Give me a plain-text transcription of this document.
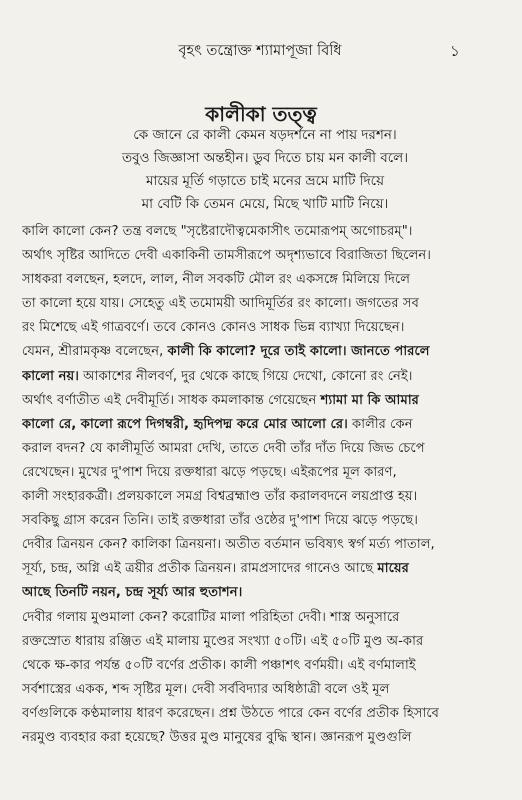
বৃহৎ তন্ত্রোক্ত শ্যামাপূজা বিধি	১
কালীকা তত্ত্ব
কে জানে রে কালী কেমন ষড়দর্শনে না পায় দরশন।
তবুও জিজ্ঞাসা অন্তহীন। ডুব দিতে চায় মন কালী বলে।
মায়ের মূর্তি গড়াতে চাই মনের ভ্রমে মাটি দিয়ে
মা বেটি কি তেমন মেয়ে, মিছে খাটি মাটি নিয়ে।
কালি কালো কেন? তন্ত্র বলছে "সৃষ্টেরাদৌত্বমেকাসীৎ তমোরূপম্ অগোচরম্"।
অর্থাৎ সৃষ্টির আদিতে দেবী একাকিনী তামসীরূপে অদৃশ্যভাবে বিরাজিতা ছিলেন।
সাধকরা বলছেন, হলদে, লাল, নীল সবকটি মৌল রং একসঙ্গে মিলিয়ে দিলে
তা কালো হয়ে যায়। সেহেতু এই তমোময়ী আদিমূর্তির রং কালো। জগতের সব
রং মিশেছে এই গাত্রবর্ণে। তবে কোনও কোনও সাধক ভিন্ন ব্যাখ্যা দিয়েছেন।
যেমন, শ্রীরামকৃষ্ণ বলেছেন, কালী কি কালো? দূরে তাই কালো। জানতে পারলে
কালো নয়। আকাশের নীলবর্ণ, দুর থেকে কাছে গিয়ে দেখো, কোনো রং নেই।
অর্থাৎ বর্ণাতীত এই দেবীমূর্তি। সাধক কমলাকান্ত গেয়েছেন শ্যামা মা কি আমার
কালো রে, কালো রূপে দিগম্বরী, হৃদিপদ্ম করে মোর আলো রে। কালীর কেন
করাল বদন? যে কালীমূর্তি আমরা দেখি, তাতে দেবী তাঁর দাঁত দিয়ে জিভ চেপে
রেখেছেন। মুখের দু'পাশ দিয়ে রক্তধারা ঝড়ে পড়ছে। এইরূপের মূল কারণ,
কালী সংহারকর্ত্রী। প্রলয়কালে সমগ্র বিশ্বব্রহ্মাণ্ড তাঁর করালবদনে লয়প্রাপ্ত হয়।
সবকিছু গ্রাস করেন তিনি। তাই রক্তধারা তাঁর ওষ্ঠের দু'পাশ দিয়ে ঝড়ে পড়ছে।
দেবীর ত্রিনয়ন কেন? কালিকা ত্রিনয়না। অতীত বর্তমান ভবিষ্যৎ স্বর্গ মর্ত্য পাতাল,
সূর্য্য, চন্দ্র, অগ্নি এই ত্রয়ীর প্রতীক ত্রিনয়ন। রামপ্রসাদের গানেও আছে মায়ের
আছে তিনটি নয়ন, চন্দ্র সূর্য্য আর হুতাশন।
দেবীর গলায় মুণ্ডমালা কেন? করোটির মালা পরিহিতা দেবী। শাস্ত্র অনুসারে
রক্তস্রোত ধারায় রঞ্জিত এই মালায় মুণ্ডের সংখ্যা ৫০টি। এই ৫০টি মুণ্ড অ-কার
থেকে ক্ষ-কার পর্যন্ত ৫০টি বর্ণের প্রতীক। কালী পঞ্চাশৎ বর্ণময়ী। এই বর্ণমালাই
সর্বশাস্ত্রের একক, শব্দ সৃষ্টির মূল। দেবী সর্ববিদ্যার অধিষ্ঠাত্রী বলে ওই মূল
বর্ণগুলিকে কণ্ঠমালায় ধারণ করেছেন। প্রশ্ন উঠতে পারে কেন বর্ণের প্রতীক হিসাবে
নরমুণ্ড ব্যবহার করা হয়েছে? উত্তর মুণ্ড মানুষের বুদ্ধি স্থান। জ্ঞানরূপ মুণ্ডগুলি
